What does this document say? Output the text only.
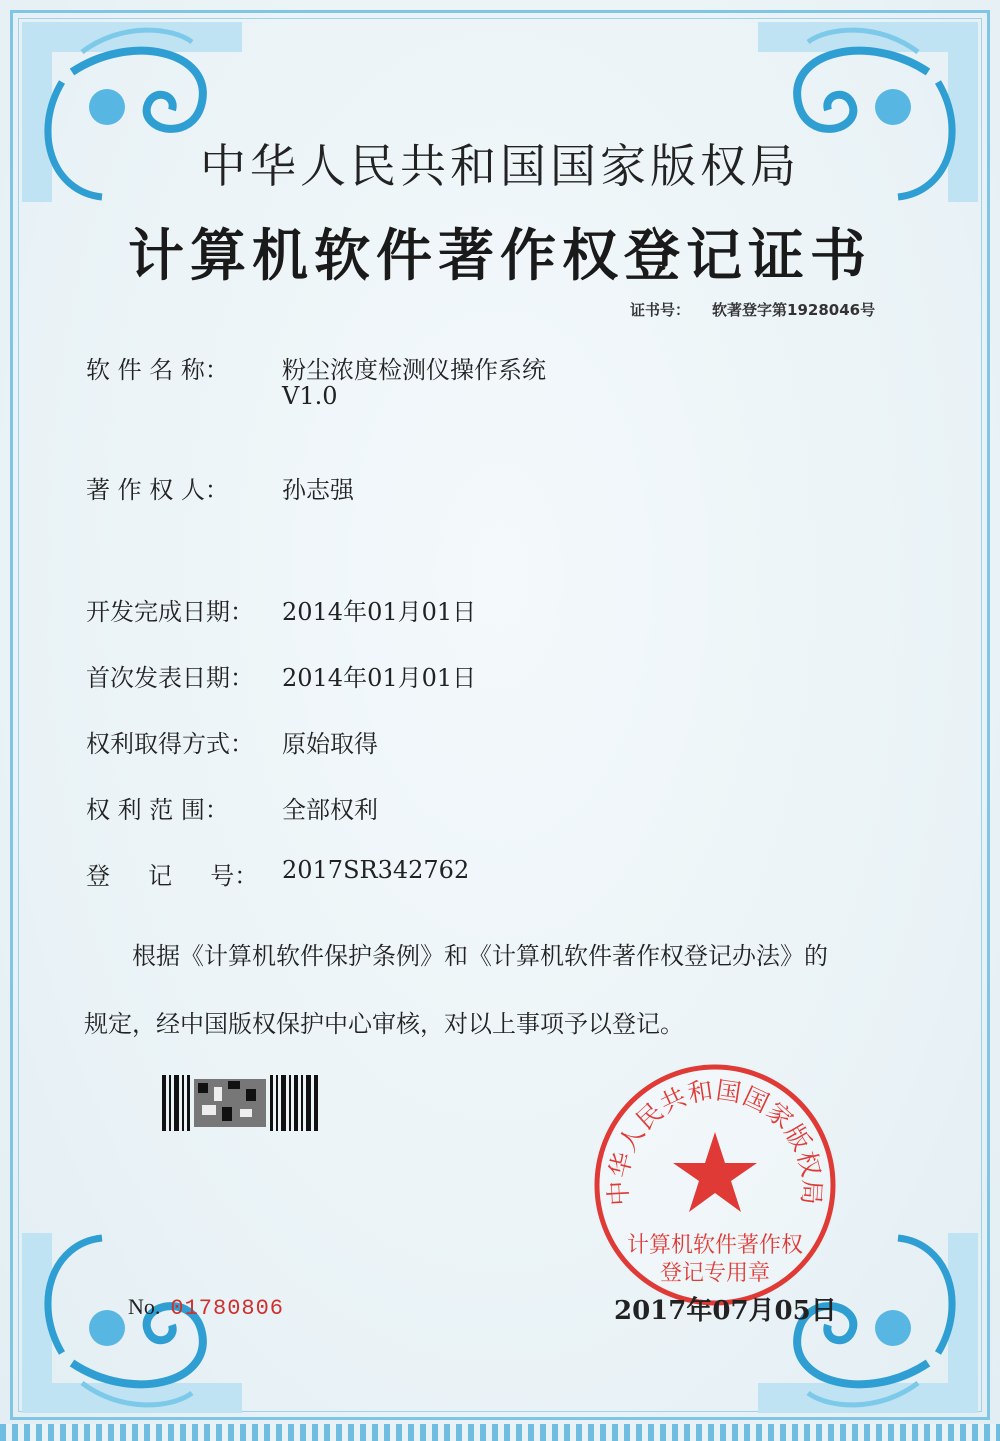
中华人民共和国国家版权局
计算机软件著作权登记证书
证书号： 软著登字第1928046号
软 件 名 称： 粉尘浓度检测仪操作系统
V1.0
著 作 权 人： 孙志强
开发完成日期： 2014年01月01日
首次发表日期： 2014年01月01日
权利取得方式： 原始取得
权 利 范 围： 全部权利
登     记     号： 2017SR342762
根据《计算机软件保护条例》和《计算机软件著作权登记办法》的
规定，经中国版权保护中心审核，对以上事项予以登记。
No. 01780806
中华人民共和国国家版权局
计算机软件著作权
登记专用章
2017年07月05日
